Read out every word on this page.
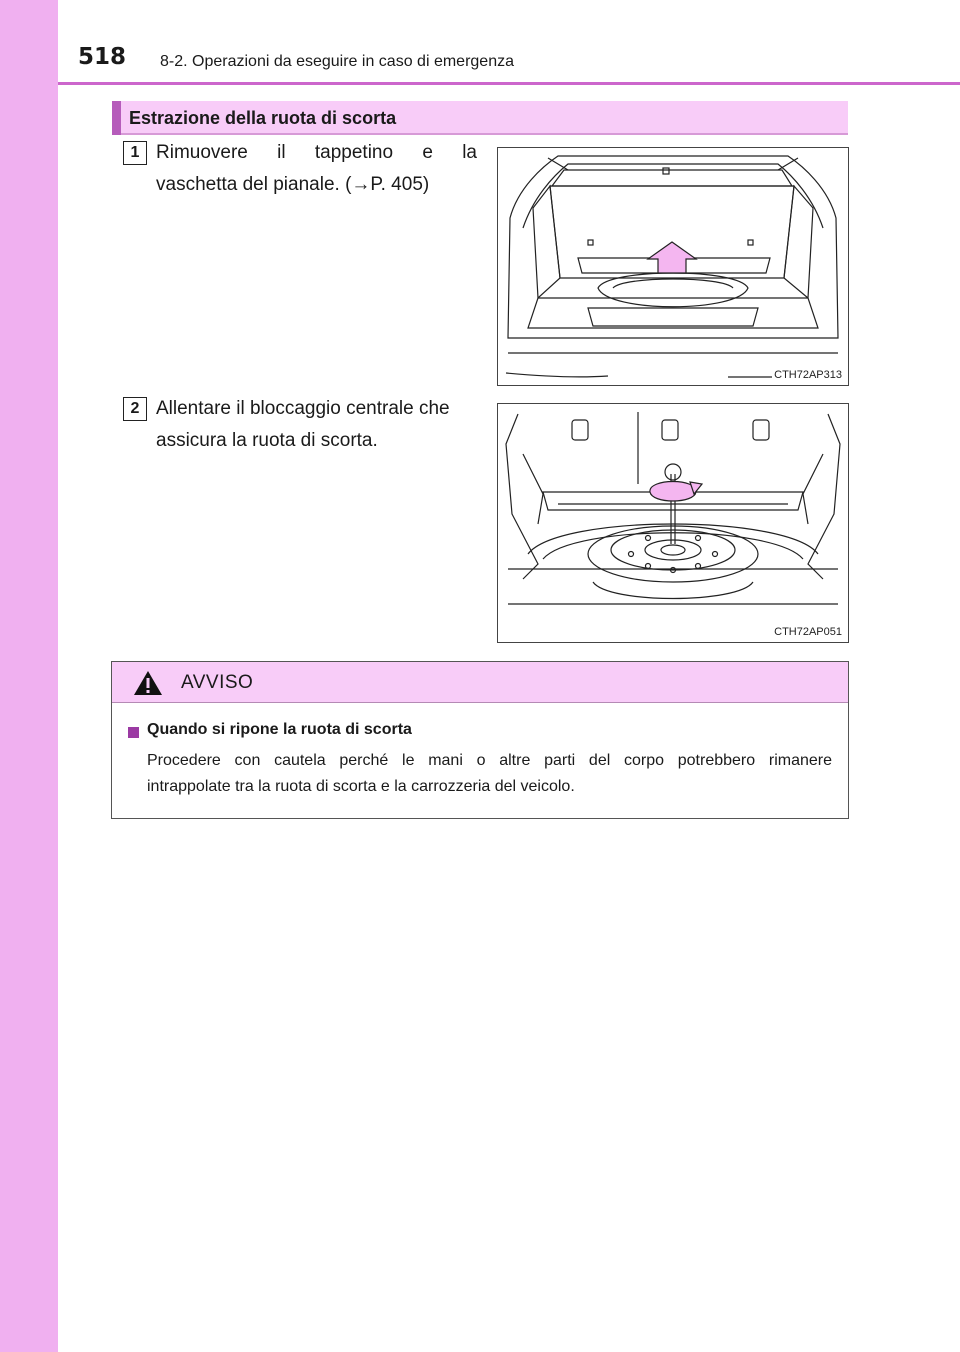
518 8-2. Operazioni da eseguire in caso di emergenza
Estrazione della ruota di scorta
1 Rimuovere il tappetino e la
vaschetta del pianale. (→P. 405)
CTH72AP313
2 Allentare il bloccaggio centrale che
assicura la ruota di scorta.
CTH72AP051
AVVISO
Quando si ripone la ruota di scorta
Procedere con cautela perché le mani o altre parti del corpo potrebbero rimanere
intrappolate tra la ruota di scorta e la carrozzeria del veicolo.
